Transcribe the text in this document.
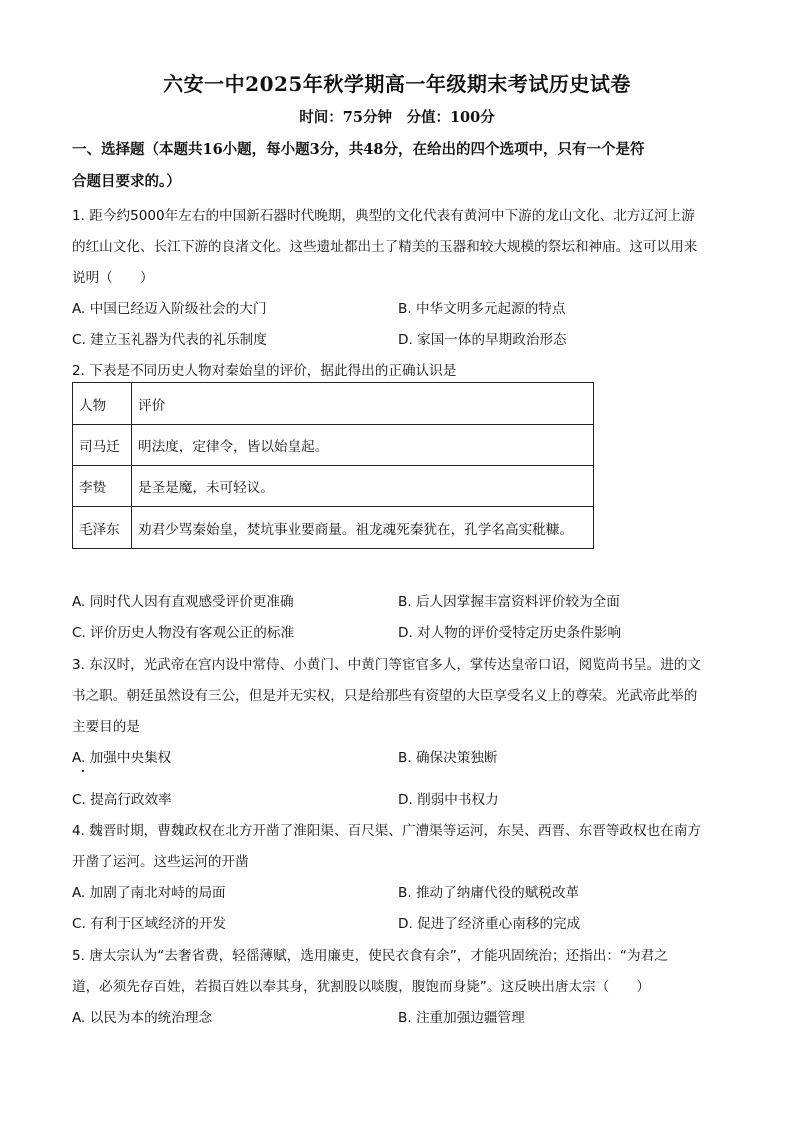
六安一中2025年秋学期高一年级期末考试历史试卷
时间：75分钟　分值：100分
一、选择题（本题共16小题，每小题3分，共48分，在给出的四个选项中，只有一个是符
合题目要求的。）
1. 距今约5000年左右的中国新石器时代晚期，典型的文化代表有黄河中下游的龙山文化、北方辽河上游
的红山文化、长江下游的良渚文化。这些遗址都出土了精美的玉器和较大规模的祭坛和神庙。这可以用来
说明（　　）
A. 中国已经迈入阶级社会的大门	B. 中华文明多元起源的特点
C. 建立玉礼器为代表的礼乐制度	D. 家国一体的早期政治形态
2. 下表是不同历史人物对秦始皇的评价，据此得出的正确认识是
人物	评价
司马迁	明法度，定律令，皆以始皇起。
李贽	是圣是魔，未可轻议。
毛泽东	劝君少骂秦始皇，焚坑事业要商量。祖龙魂死秦犹在，孔学名高实秕糠。
A. 同时代人因有直观感受评价更准确	B. 后人因掌握丰富资料评价较为全面
C. 评价历史人物没有客观公正的标准	D. 对人物的评价受特定历史条件影响
3. 东汉时，光武帝在宫内设中常侍、小黄门、中黄门等宦官多人，掌传达皇帝口诏，阅览尚书呈。进的文
书之职。朝廷虽然设有三公，但是并无实权，只是给那些有资望的大臣享受名义上的尊荣。光武帝此举的
主要目的是
A. 加强中央集权	B. 确保决策独断
C. 提高行政效率	D. 削弱中书权力
4. 魏晋时期，曹魏政权在北方开凿了淮阳渠、百尺渠、广漕渠等运河，东吴、西晋、东晋等政权也在南方
开凿了运河。这些运河的开凿
A. 加剧了南北对峙的局面	B. 推动了纳庸代役的赋税改革
C. 有利于区域经济的开发	D. 促进了经济重心南移的完成
5. 唐太宗认为“去奢省费，轻徭薄赋，选用廉吏，使民衣食有余”，才能巩固统治；还指出：“为君之
道，必须先存百姓，若损百姓以奉其身，犹割股以啖腹，腹饱而身毙”。这反映出唐太宗（　　）
A. 以民为本的统治理念	B. 注重加强边疆管理
